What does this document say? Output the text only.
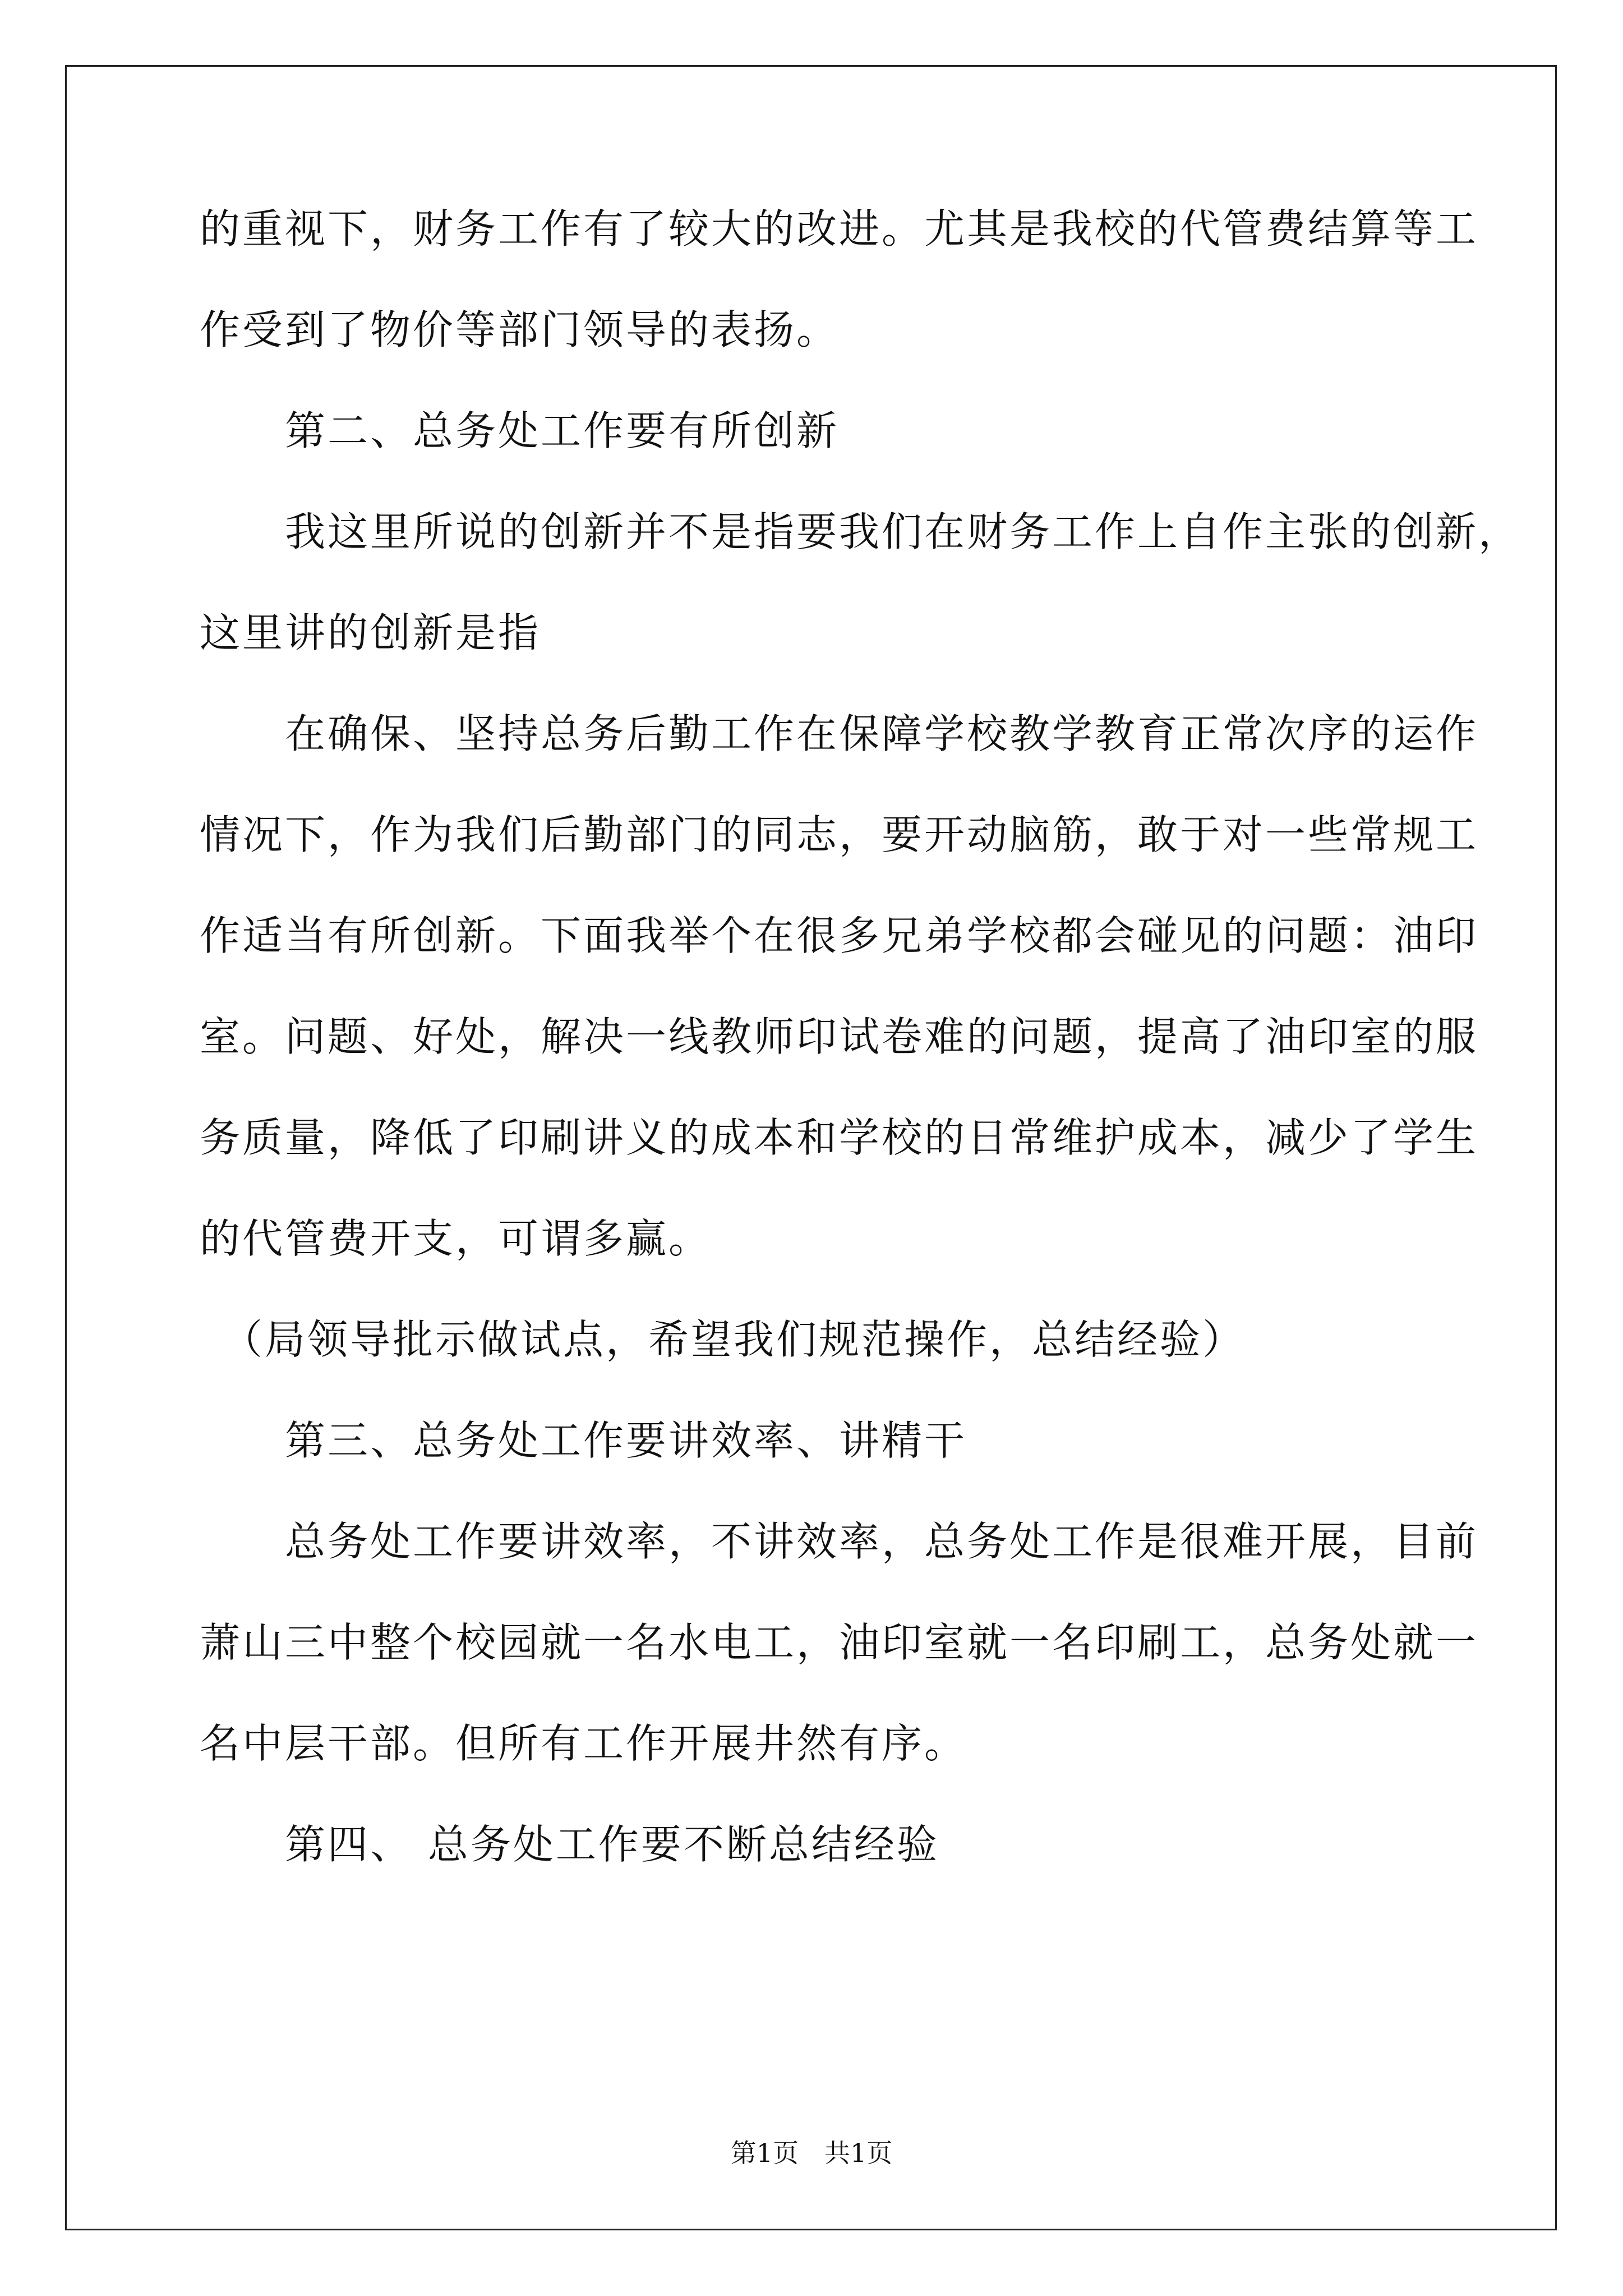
的重视下，财务工作有了较大的改进。尤其是我校的代管费结算等工

作受到了物价等部门领导的表扬。

　　第二、总务处工作要有所创新

　　我这里所说的创新并不是指要我们在财务工作上自作主张的创新，

这里讲的创新是指

　　在确保、坚持总务后勤工作在保障学校教学教育正常次序的运作

情况下，作为我们后勤部门的同志，要开动脑筋，敢于对一些常规工

作适当有所创新。下面我举个在很多兄弟学校都会碰见的问题：油印

室。问题、好处，解决一线教师印试卷难的问题，提高了油印室的服

务质量，降低了印刷讲义的成本和学校的日常维护成本，减少了学生

的代管费开支，可谓多赢。

　（局领导批示做试点，希望我们规范操作，总结经验）

　　第三、总务处工作要讲效率、讲精干

　　总务处工作要讲效率，不讲效率，总务处工作是很难开展，目前

萧山三中整个校园就一名水电工，油印室就一名印刷工，总务处就一

名中层干部。但所有工作开展井然有序。

　　第四、 总务处工作要不断总结经验

第1页　共1页
